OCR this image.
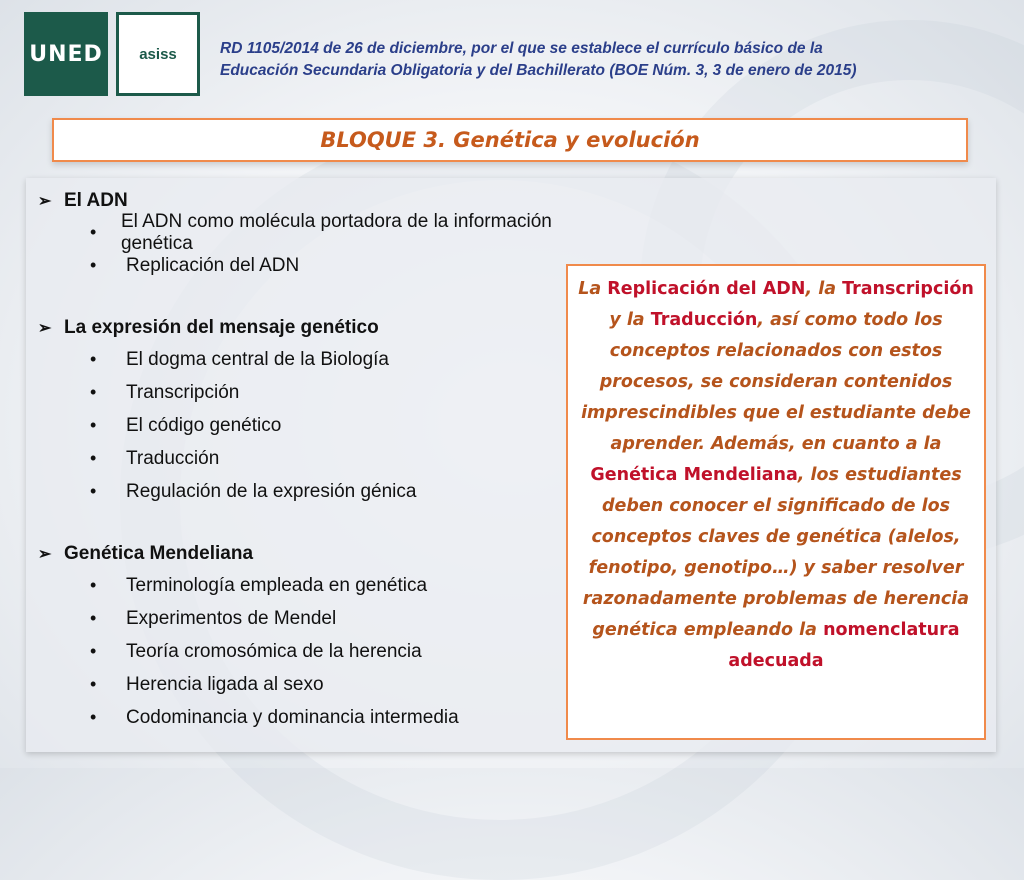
UNED asiss	RD 1105/2014 de 26 de diciembre, por el que se establece el currículo básico de la
Educación Secundaria Obligatoria y del Bachillerato (BOE Núm. 3, 3 de enero de 2015)
BLOQUE 3. Genética y evolución
➢ El ADN
•
El ADN como molécula portadora de la información genética
•	Replicación del ADN
➢ La expresión del mensaje genético
•	El dogma central de la Biología
•	Transcripción
•	El código genético
•	Traducción
•	Regulación de la expresión génica
➢ Genética Mendeliana
•	Terminología empleada en genética
•	Experimentos de Mendel
•	Teoría cromosómica de la herencia
•	Herencia ligada al sexo
•	Codominancia y dominancia intermedia
La Replicación del ADN, la Transcripción y la Traducción, así como todo los conceptos relacionados con estos procesos, se consideran contenidos imprescindibles que el estudiante debe aprender. Además, en cuanto a la Genética Mendeliana, los estudiantes deben conocer el significado de los conceptos claves de genética (alelos, fenotipo, genotipo…) y saber resolver razonadamente problemas de herencia genética empleando la nomenclatura adecuada
